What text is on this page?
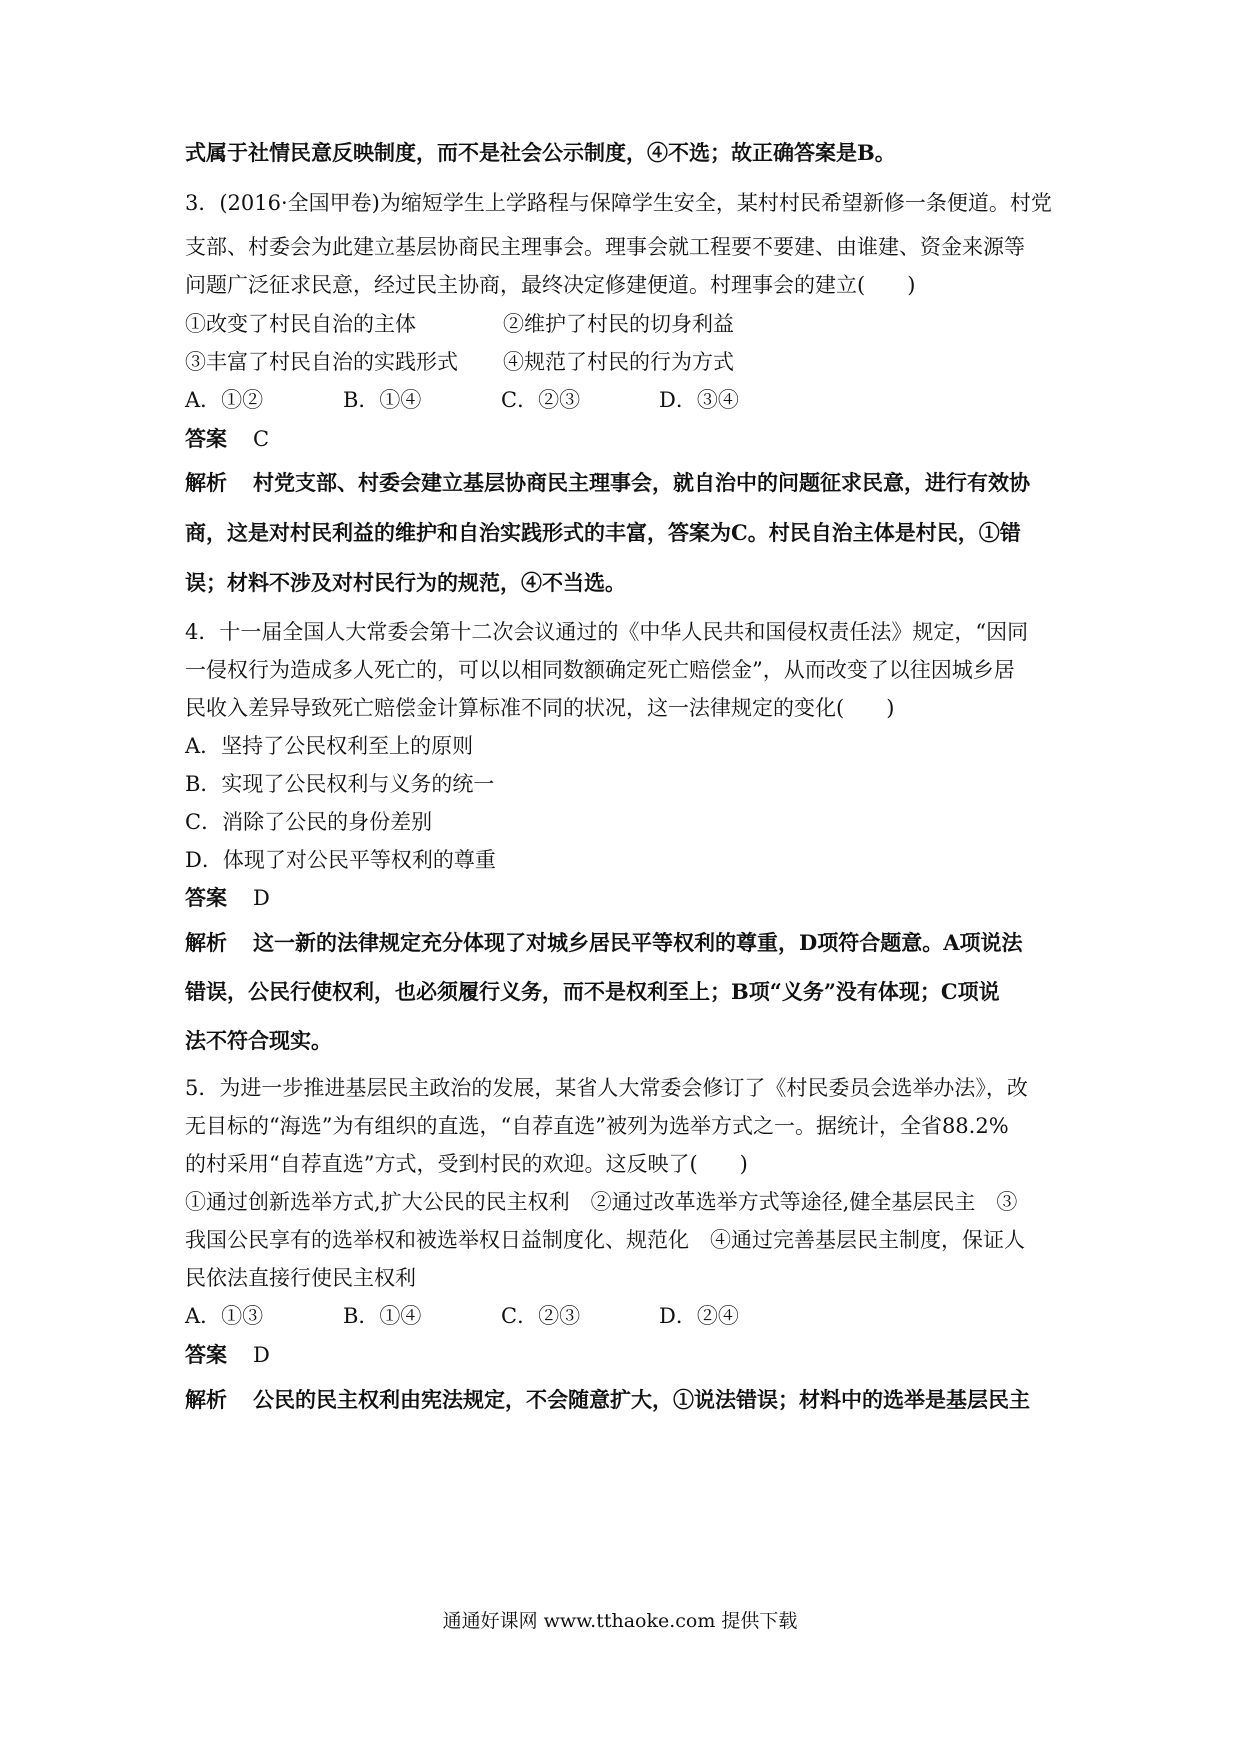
式属于社情民意反映制度，而不是社会公示制度，④不选；故正确答案是B。
3．(2016·全国甲卷)为缩短学生上学路程与保障学生安全，某村村民希望新修一条便道。村党
支部、村委会为此建立基层协商民主理事会。理事会就工程要不要建、由谁建、资金来源等
问题广泛征求民意，经过民主协商，最终决定修建便道。村理事会的建立(　　)
①改变了村民自治的主体	②维护了村民的切身利益
③丰富了村民自治的实践形式 ④规范了村民的行为方式
A．①②	B．①④	C．②③	D．③④
答案 C
解析 村党支部、村委会建立基层协商民主理事会，就自治中的问题征求民意，进行有效协
商，这是对村民利益的维护和自治实践形式的丰富，答案为C。村民自治主体是村民，①错
误；材料不涉及对村民行为的规范，④不当选。
4．十一届全国人大常委会第十二次会议通过的《中华人民共和国侵权责任法》规定，“因同
一侵权行为造成多人死亡的，可以以相同数额确定死亡赔偿金”，从而改变了以往因城乡居
民收入差异导致死亡赔偿金计算标准不同的状况，这一法律规定的变化(　　)
A．坚持了公民权利至上的原则
B．实现了公民权利与义务的统一
C．消除了公民的身份差别
D．体现了对公民平等权利的尊重
答案 D
解析 这一新的法律规定充分体现了对城乡居民平等权利的尊重，D项符合题意。A项说法
错误，公民行使权利，也必须履行义务，而不是权利至上；B项“义务”没有体现；C项说
法不符合现实。
5．为进一步推进基层民主政治的发展，某省人大常委会修订了《村民委员会选举办法》，改
无目标的“海选”为有组织的直选，“自荐直选”被列为选举方式之一。据统计，全省88.2%
的村采用“自荐直选”方式，受到村民的欢迎。这反映了(　　)
①通过创新选举方式,扩大公民的民主权利　②通过改革选举方式等途径,健全基层民主　③
我国公民享有的选举权和被选举权日益制度化、规范化　④通过完善基层民主制度，保证人
民依法直接行使民主权利
A．①③	B．①④	C．②③	D．②④
答案 D
解析 公民的民主权利由宪法规定，不会随意扩大，①说法错误；材料中的选举是基层民主
通通好课网 www.tthaoke.com 提供下载
